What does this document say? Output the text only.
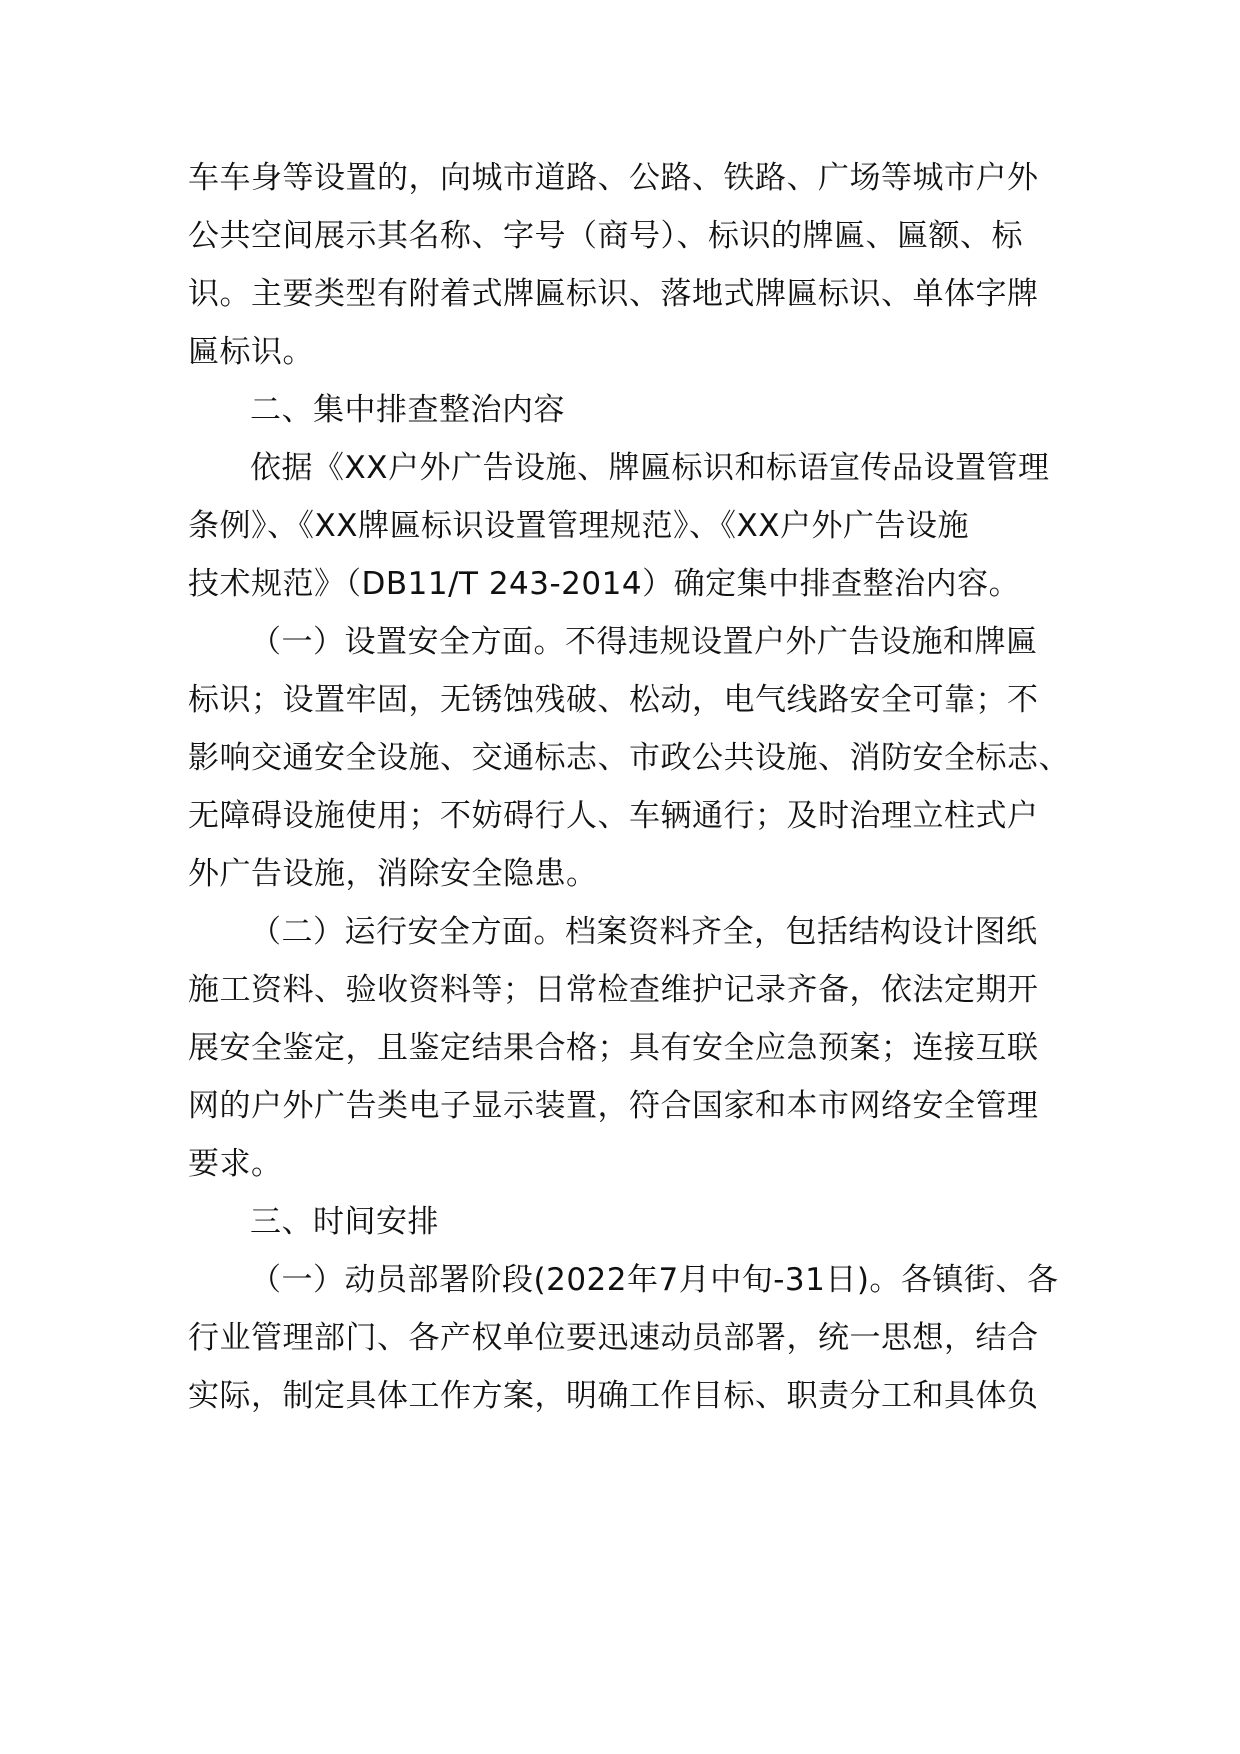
车车身等设置的，向城市道路、公路、铁路、广场等城市户外
公共空间展示其名称、字号（商号）、标识的牌匾、匾额、标
识。主要类型有附着式牌匾标识、落地式牌匾标识、单体字牌
匾标识。
二、集中排查整治内容
依据《XX户外广告设施、牌匾标识和标语宣传品设置管理
条例》、《XX牌匾标识设置管理规范》、《XX户外广告设施
技术规范》（DB11/T 243-2014）确定集中排查整治内容。
（一）设置安全方面。不得违规设置户外广告设施和牌匾
标识；设置牢固，无锈蚀残破、松动，电气线路安全可靠；不
影响交通安全设施、交通标志、市政公共设施、消防安全标志、
无障碍设施使用；不妨碍行人、车辆通行；及时治理立柱式户
外广告设施，消除安全隐患。
（二）运行安全方面。档案资料齐全，包括结构设计图纸
施工资料、验收资料等；日常检查维护记录齐备，依法定期开
展安全鉴定，且鉴定结果合格；具有安全应急预案；连接互联
网的户外广告类电子显示装置，符合国家和本市网络安全管理
要求。
三、时间安排
（一）动员部署阶段(2022年7月中旬-31日)。各镇街、各
行业管理部门、各产权单位要迅速动员部署，统一思想，结合
实际，制定具体工作方案，明确工作目标、职责分工和具体负
